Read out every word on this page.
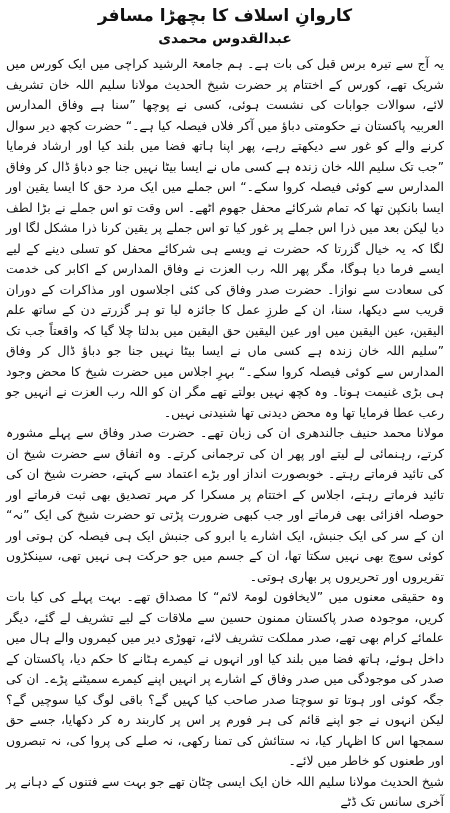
کاروانِ اسلاف کا بچھڑا مسافر
عبدالقدوس محمدی

یہ آج سے تیرہ برس قبل کی بات ہے۔ ہم جامعۃ الرشید کراچی میں ایک کورس میں شریک تھے، کورس کے اختتام پر حضرت شیخ الحدیث مولانا سلیم اللہ خان تشریف لائے، سوالات جوابات کی نشست ہوئی، کسی نے پوچھا ”سنا ہے وفاق المدارس العربیہ پاکستان نے حکومتی دباؤ میں آکر فلاں فیصلہ کیا ہے۔“ حضرت کچھ دیر سوال کرنے والے کو غور سے دیکھتے رہے، پھر اپنا ہاتھ فضا میں بلند کیا اور ارشاد فرمایا ”جب تک سلیم اللہ خان زندہ ہے کسی ماں نے ایسا بیٹا نہیں جنا جو دباؤ ڈال کر وفاق المدارس سے کوئی فیصلہ کروا سکے۔“ اس جملے میں ایک مرد حق کا ایسا یقین اور ایسا بانکپن تھا کہ تمام شرکائے محفل جھوم اٹھے۔ اس وقت تو اس جملے نے بڑا لطف دیا لیکن بعد میں ذرا اس جملے پر غور کیا تو اس جملے پر یقین کرنا ذرا مشکل لگا اور لگا کہ یہ خیال گزرتا کہ حضرت نے ویسے ہی شرکائے محفل کو تسلی دینے کے لیے ایسے فرما دیا ہوگا، مگر پھر اللہ رب العزت نے وفاق المدارس کے اکابر کی خدمت کی سعادت سے نوازا۔ حضرت صدر وفاق کی کئی اجلاسوں اور مذاکرات کے دوران قریب سے دیکھا، سنا، ان کے طرزِ عمل کا جائزہ لیا تو ہر گزرتے دن کے ساتھ علم الیقین، عین الیقین میں اور عین الیقین حق الیقین میں بدلتا چلا گیا کہ واقعتاً جب تک ”سلیم اللہ خان زندہ ہے کسی ماں نے ایسا بیٹا نہیں جنا جو دباؤ ڈال کر وفاق المدارس سے کوئی فیصلہ کروا سکے۔“ بہرِ اجلاس میں حضرت شیخ کا محض وجود ہی بڑی غنیمت ہوتا۔ وہ کچھ نہیں بولتے تھے مگر ان کو اللہ رب العزت نے انہیں جو رعب عطا فرمایا تھا وہ محض دیدنی تھا شنیدنی نہیں۔

مولانا محمد حنیف جالندھری ان کی زبان تھے۔ حضرت صدر وفاق سے پہلے مشورہ کرتے، رہنمائی لے لیتے اور پھر ان کی ترجمانی کرتے۔ وہ اتفاق سے حضرت شیخ ان کی تائید فرماتے رہتے۔ خوبصورت انداز اور بڑے اعتماد سے کہتے، حضرت شیخ ان کی تائید فرماتے رہتے، اجلاس کے اختتام پر مسکرا کر مہر تصدیق بھی ثبت فرماتے اور حوصلہ افزائی بھی فرماتے اور جب کبھی ضرورت پڑتی تو حضرت شیخ کی ایک ”نہ“ ان کے سر کی ایک جنبش، ایک اشارے یا ابرو کی جنبش ایک ہی فیصلہ کن ہوتی اور کوئی سوچ بھی نہیں سکتا تھا، ان کے جسم میں جو حرکت ہی نہیں تھی، سینکڑوں تقریروں اور تحریروں پر بھاری ہوتی۔

وہ حقیقی معنوں میں ”لایخافون لومۃ لائم“ کا مصداق تھے۔ بہت پہلے کی کیا بات کریں، موجودہ صدر پاکستان ممنون حسین سے ملاقات کے لیے تشریف لے گئے، دیگر علمائے کرام بھی تھے، صدر مملکت تشریف لائے، تھوڑی دیر میں کیمروں والے ہال میں داخل ہوئے، ہاتھ فضا میں بلند کیا اور انہوں نے کیمرے ہٹانے کا حکم دیا، پاکستان کے صدر کی موجودگی میں صدر وفاق کے اشارے پر انہیں اپنے کیمرے سمیٹنے پڑے۔ ان کی جگہ کوئی اور ہوتا تو سوچتا صدر صاحب کیا کہیں گے؟ باقی لوگ کیا سوچیں گے؟ لیکن انہوں نے جو اپنے قائم کی ہر فورم پر اس پر کاربند رہ کر دکھایا، جسے حق سمجھا اس کا اظہار کیا، نہ ستائش کی تمنا رکھی، نہ صلے کی پروا کی، نہ تبصروں اور طعنوں کو خاطر میں لائے۔

شیخ الحدیث مولانا سلیم اللہ خان ایک ایسی چٹان تھے جو بہت سے فتنوں کے دہانے پر آخری سانس تک ڈٹے
